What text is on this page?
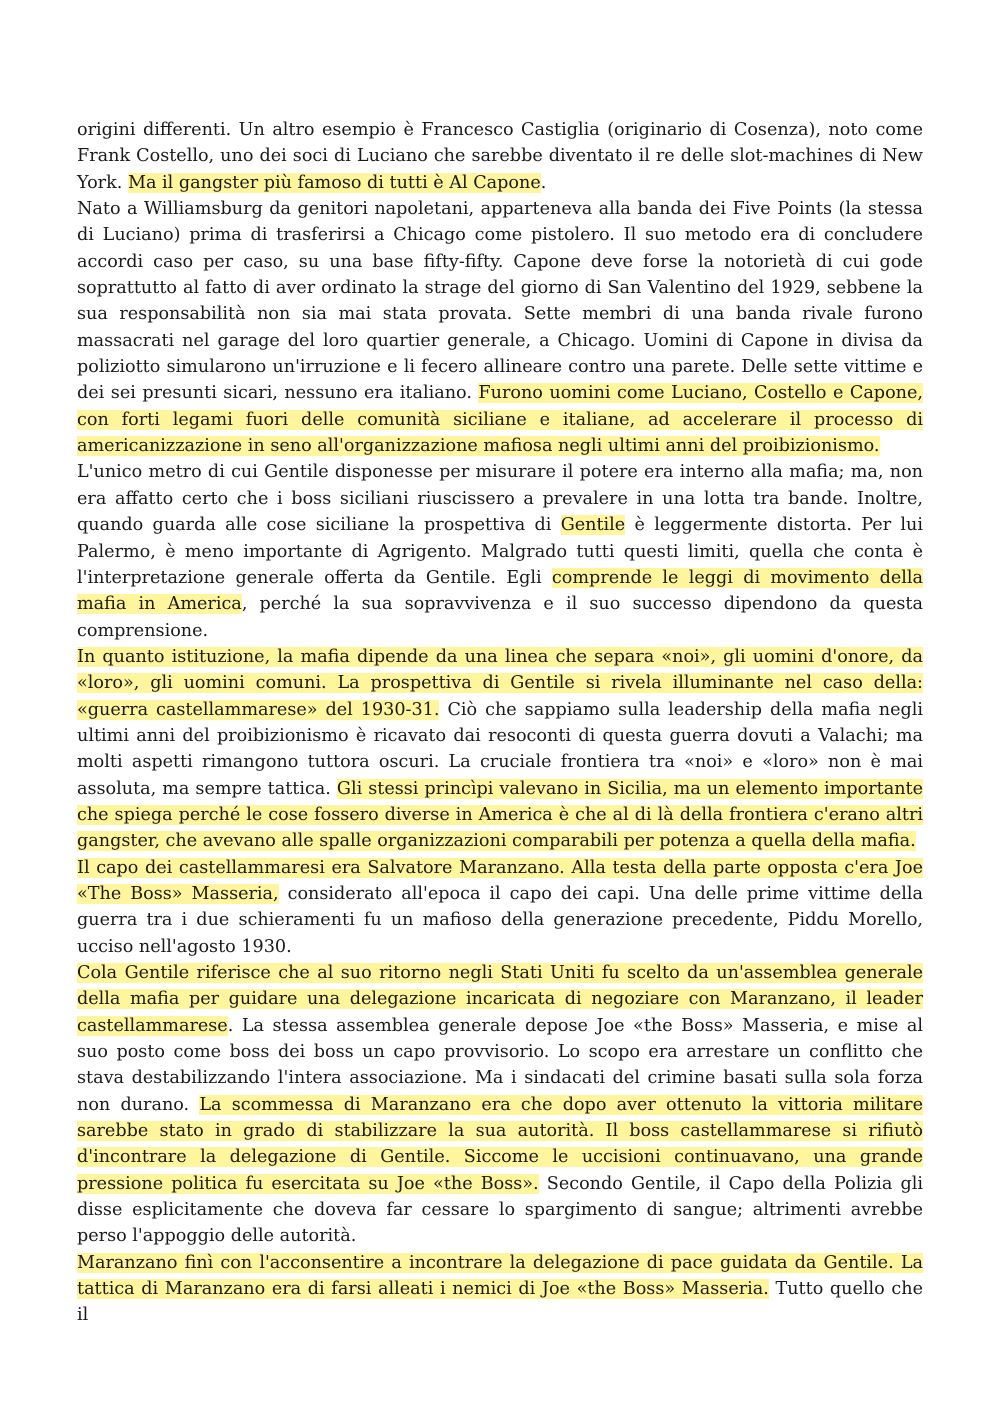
origini differenti. Un altro esempio è Francesco Castiglia (originario di Cosenza), noto come Frank Costello, uno dei soci di Luciano che sarebbe diventato il re delle slot-machines di New York. Ma il gangster più famoso di tutti è Al Capone.

Nato a Williamsburg da genitori napoletani, apparteneva alla banda dei Five Points (la stessa di Luciano) prima di trasferirsi a Chicago come pistolero. Il suo metodo era di concludere accordi caso per caso, su una base fifty-fifty. Capone deve forse la notorietà di cui gode soprattutto al fatto di aver ordinato la strage del giorno di San Valentino del 1929, sebbene la sua responsabilità non sia mai stata provata. Sette membri di una banda rivale furono massacrati nel garage del loro quartier generale, a Chicago. Uomini di Capone in divisa da poliziotto simularono un'irruzione e li fecero allineare contro una parete. Delle sette vittime e dei sei presunti sicari, nessuno era italiano. Furono uomini come Luciano, Costello e Capone, con forti legami fuori delle comunità siciliane e italiane, ad accelerare il processo di americanizzazione in seno all'organizzazione mafiosa negli ultimi anni del proibizionismo.

L'unico metro di cui Gentile disponesse per misurare il potere era interno alla mafia; ma, non era affatto certo che i boss siciliani riuscissero a prevalere in una lotta tra bande. Inoltre, quando guarda alle cose siciliane la prospettiva di Gentile è leggermente distorta. Per lui Palermo, è meno importante di Agrigento. Malgrado tutti questi limiti, quella che conta è l'interpretazione generale offerta da Gentile. Egli comprende le leggi di movimento della mafia in America, perché la sua sopravvivenza e il suo successo dipendono da questa comprensione.

In quanto istituzione, la mafia dipende da una linea che separa «noi», gli uomini d'onore, da «loro», gli uomini comuni. La prospettiva di Gentile si rivela illuminante nel caso della: «guerra castellammarese» del 1930-31. Ciò che sappiamo sulla leadership della mafia negli ultimi anni del proibizionismo è ricavato dai resoconti di questa guerra dovuti a Valachi; ma molti aspetti rimangono tuttora oscuri. La cruciale frontiera tra «noi» e «loro» non è mai assoluta, ma sempre tattica. Gli stessi princìpi valevano in Sicilia, ma un elemento importante che spiega perché le cose fossero diverse in America è che al di là della frontiera c'erano altri gangster, che avevano alle spalle organizzazioni comparabili per potenza a quella della mafia.

Il capo dei castellammaresi era Salvatore Maranzano. Alla testa della parte opposta c'era Joe «The Boss» Masseria, considerato all'epoca il capo dei capi. Una delle prime vittime della guerra tra i due schieramenti fu un mafioso della generazione precedente, Piddu Morello, ucciso nell'agosto 1930.

Cola Gentile riferisce che al suo ritorno negli Stati Uniti fu scelto da un'assemblea generale della mafia per guidare una delegazione incaricata di negoziare con Maranzano, il leader castellammarese. La stessa assemblea generale depose Joe «the Boss» Masseria, e mise al suo posto come boss dei boss un capo provvisorio. Lo scopo era arrestare un conflitto che stava destabilizzando l'intera associazione. Ma i sindacati del crimine basati sulla sola forza non durano. La scommessa di Maranzano era che dopo aver ottenuto la vittoria militare sarebbe stato in grado di stabilizzare la sua autorità. Il boss castellammarese si rifiutò d'incontrare la delegazione di Gentile. Siccome le uccisioni continuavano, una grande pressione politica fu esercitata su Joe «the Boss». Secondo Gentile, il Capo della Polizia gli disse esplicitamente che doveva far cessare lo spargimento di sangue; altrimenti avrebbe perso l'appoggio delle autorità.

Maranzano finì con l'acconsentire a incontrare la delegazione di pace guidata da Gentile. La tattica di Maranzano era di farsi alleati i nemici di Joe «the Boss» Masseria. Tutto quello che il
